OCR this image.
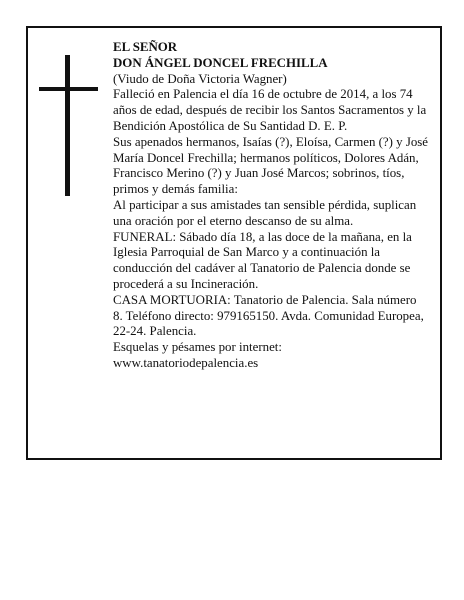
EL SEÑOR

DON ÁNGEL DONCEL FRECHILLA

(Viudo de Doña Victoria Wagner)

Falleció en Palencia el día 16 de octubre de 2014, a los 74 años de edad, después de recibir los Santos Sacramentos y la Bendición Apostólica de Su Santidad D. E. P.

Sus apenados hermanos, Isaías (?), Eloísa, Carmen (?) y José María Doncel Frechilla; hermanos políticos, Dolores Adán, Francisco Merino (?) y Juan José Marcos; sobrinos, tíos, primos y demás familia:

Al participar a sus amistades tan sensible pérdida, suplican una oración por el eterno descanso de su alma.

FUNERAL: Sábado día 18, a las doce de la mañana, en la Iglesia Parroquial de San Marco y a continuación la conducción del cadáver al Tanatorio de Palencia donde se procederá a su Incineración.

CASA MORTUORIA: Tanatorio de Palencia. Sala número 8. Teléfono directo: 979165150. Avda. Comunidad Europea, 22-24. Palencia.

Esquelas y pésames por internet: www.tanatoriodepalencia.es
